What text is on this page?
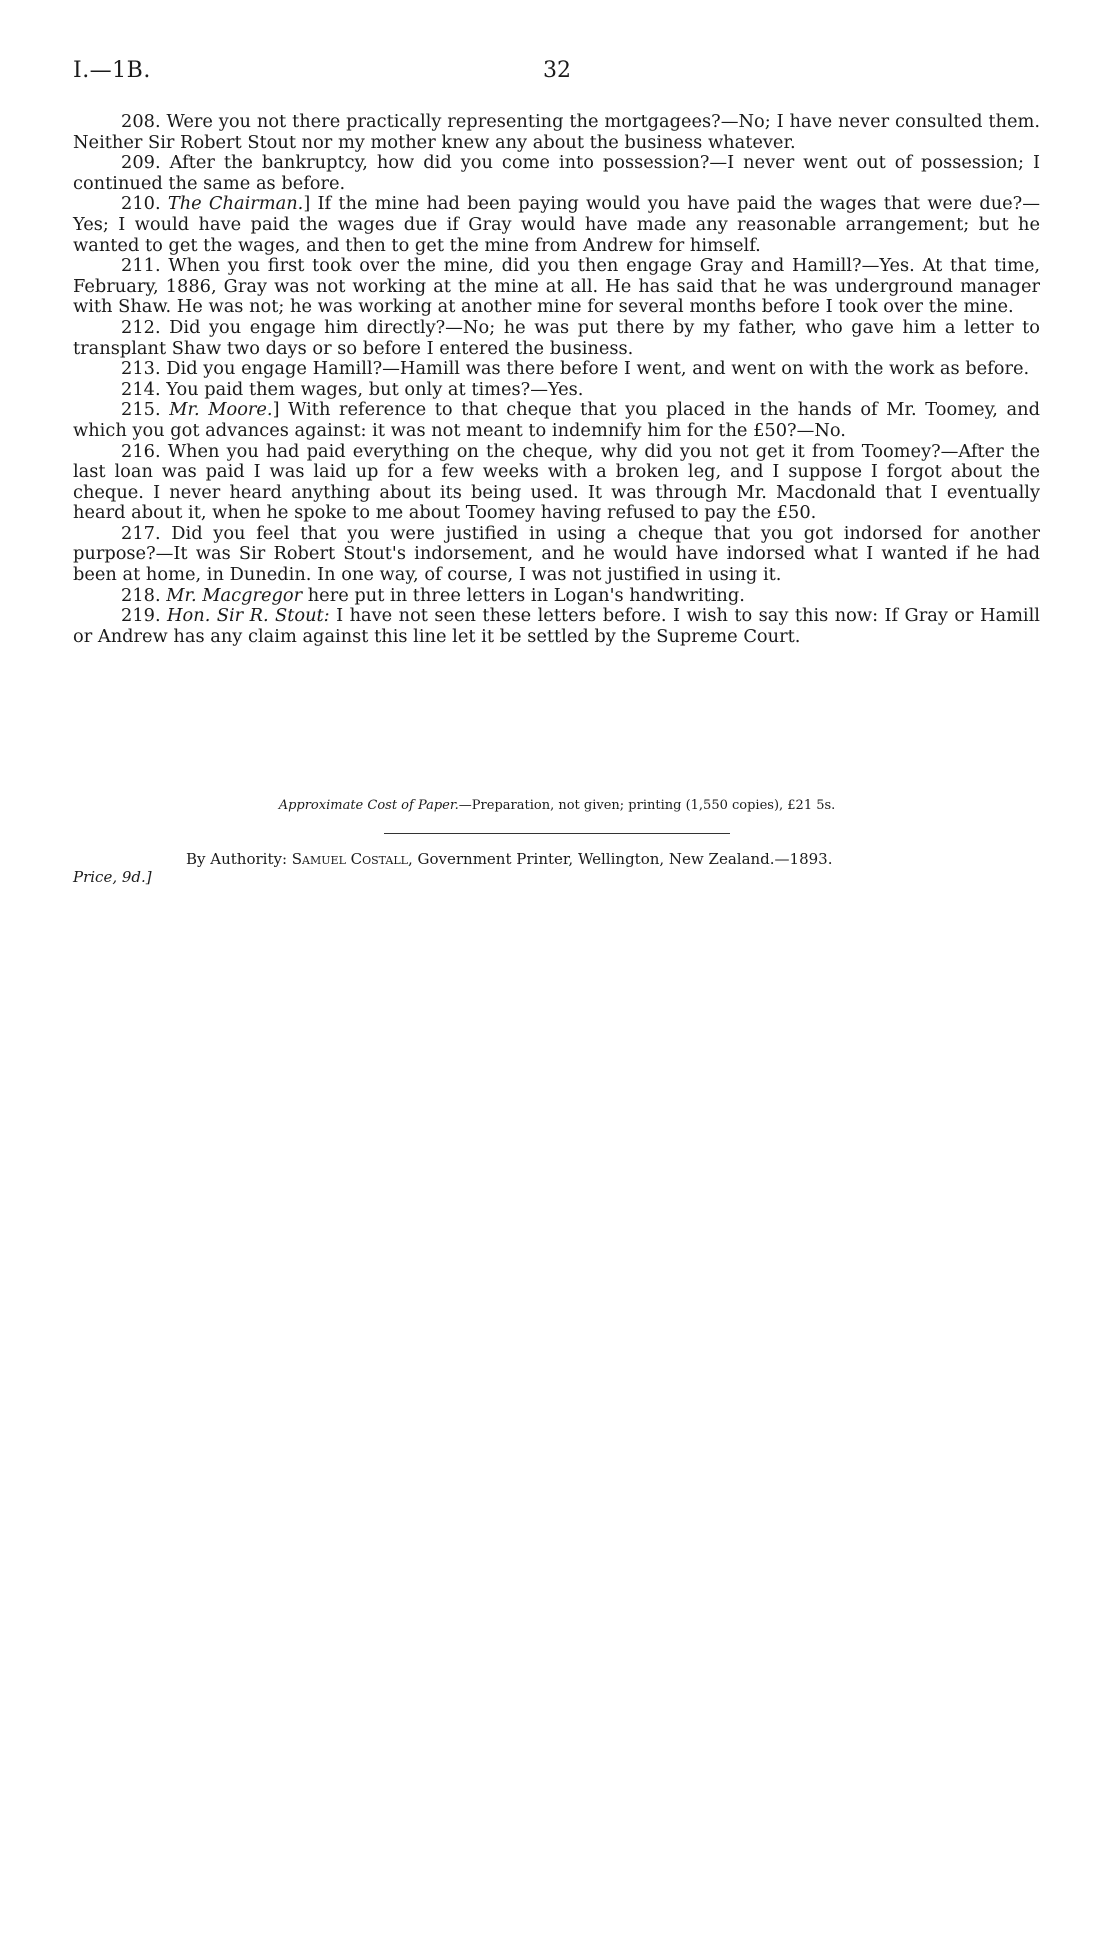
I.—1B.	32

208. Were you not there practically representing the mortgagees?—No; I have never consulted them. Neither Sir Robert Stout nor my mother knew any about the business whatever.

209. After the bankruptcy, how did you come into possession?—I never went out of possession; I continued the same as before.

210. The Chairman.] If the mine had been paying would you have paid the wages that were due?—Yes; I would have paid the wages due if Gray would have made any reasonable arrangement; but he wanted to get the wages, and then to get the mine from Andrew for himself.

211. When you first took over the mine, did you then engage Gray and Hamill?—Yes. At that time, February, 1886, Gray was not working at the mine at all. He has said that he was underground manager with Shaw. He was not; he was working at another mine for several months before I took over the mine.

212. Did you engage him directly?—No; he was put there by my father, who gave him a letter to transplant Shaw two days or so before I entered the business.

213. Did you engage Hamill?—Hamill was there before I went, and went on with the work as before.

214. You paid them wages, but only at times?—Yes.

215. Mr. Moore.] With reference to that cheque that you placed in the hands of Mr. Toomey, and which you got advances against: it was not meant to indemnify him for the £50?—No.

216. When you had paid everything on the cheque, why did you not get it from Toomey?—After the last loan was paid I was laid up for a few weeks with a broken leg, and I suppose I forgot about the cheque. I never heard anything about its being used. It was through Mr. Macdonald that I eventually heard about it, when he spoke to me about Toomey having refused to pay the £50.

217. Did you feel that you were justified in using a cheque that you got indorsed for another purpose?—It was Sir Robert Stout's indorsement, and he would have indorsed what I wanted if he had been at home, in Dunedin. In one way, of course, I was not justified in using it.

218. Mr. Macgregor here put in three letters in Logan's handwriting.

219. Hon. Sir R. Stout: I have not seen these letters before. I wish to say this now: If Gray or Hamill or Andrew has any claim against this line let it be settled by the Supreme Court.

Approximate Cost of Paper.—Preparation, not given; printing (1,550 copies), £21 5s.
By Authority: Samuel Costall, Government Printer, Wellington, New Zealand.—1893.
Price, 9d.]
